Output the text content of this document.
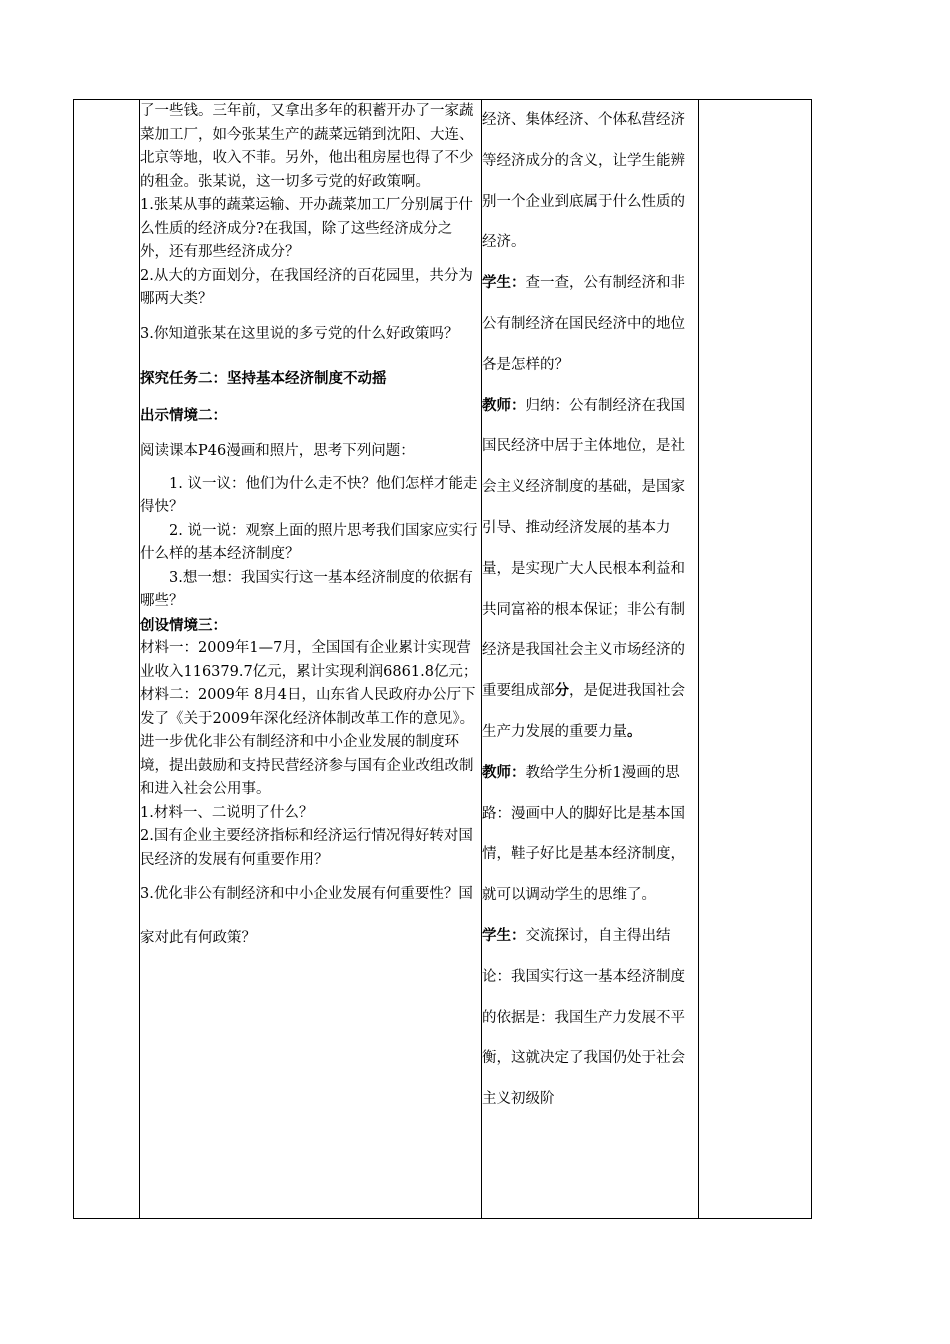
了一些钱。三年前，又拿出多年的积蓄开办了一家蔬菜加工厂，如今张某生产的蔬菜远销到沈阳、大连、北京等地，收入不菲。另外，他出租房屋也得了不少的租金。张某说，这一切多亏党的好政策啊。

1.张某从事的蔬菜运输、开办蔬菜加工厂分别属于什么性质的经济成分?在我国，除了这些经济成分之外，还有那些经济成分？

2.从大的方面划分，在我国经济的百花园里，共分为哪两大类？

3.你知道张某在这里说的多亏党的什么好政策吗？

探究任务二：坚持基本经济制度不动摇

出示情境二：

阅读课本P46漫画和照片，思考下列问题：

1. 议一议：他们为什么走不快？他们怎样才能走得快？

2. 说一说：观察上面的照片思考我们国家应实行什么样的基本经济制度？

3.想一想：我国实行这一基本经济制度的依据有哪些？

创设情境三：

材料一：2009年1—7月，全国国有企业累计实现营业收入116379.7亿元，累计实现利润6861.8亿元；

材料二：2009年 8月4日，山东省人民政府办公厅下发了《关于2009年深化经济体制改革工作的意见》。进一步优化非公有制经济和中小企业发展的制度环境，提出鼓励和支持民营经济参与国有企业改组改制和进入社会公用事。

1.材料一、二说明了什么？

2.国有企业主要经济指标和经济运行情况得好转对国民经济的发展有何重要作用？

3.优化非公有制经济和中小企业发展有何重要性？国家对此有何政策？

经济、集体经济、个体私营经济等经济成分的含义，让学生能辨别一个企业到底属于什么性质的经济。

学生：查一查，公有制经济和非公有制经济在国民经济中的地位各是怎样的？

教师：归纳：公有制经济在我国国民经济中居于主体地位，是社会主义经济制度的基础，是国家引导、推动经济发展的基本力量，是实现广大人民根本利益和共同富裕的根本保证；非公有制经济是我国社会主义市场经济的重要组成部分，是促进我国社会生产力发展的重要力量。

教师：教给学生分析1漫画的思路：漫画中人的脚好比是基本国情，鞋子好比是基本经济制度，就可以调动学生的思维了。

学生：交流探讨，自主得出结论：我国实行这一基本经济制度的依据是：我国生产力发展不平衡，这就决定了我国仍处于社会主义初级阶
